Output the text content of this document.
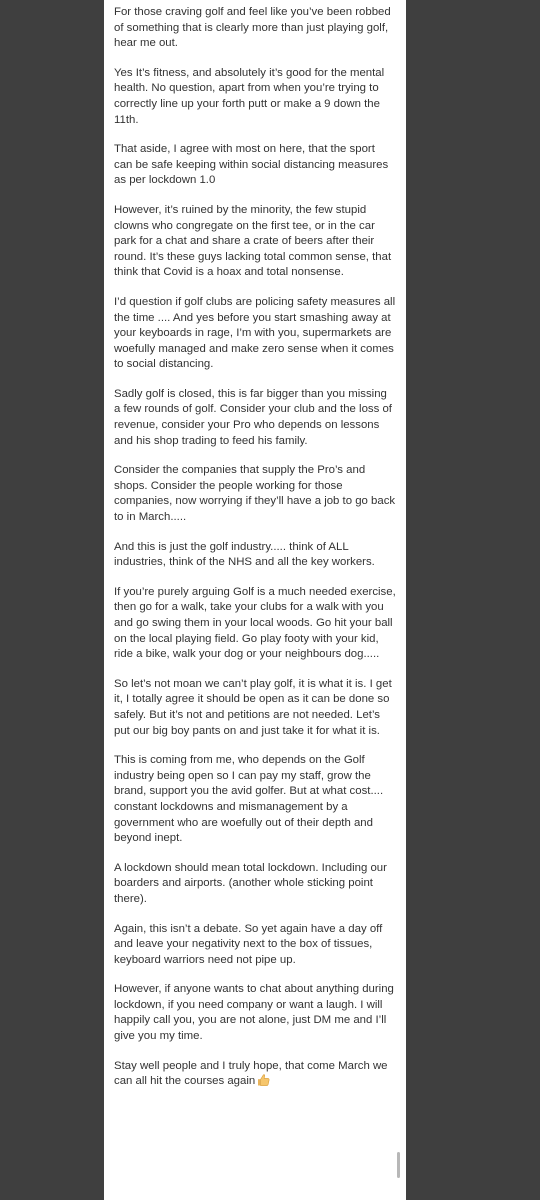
For those craving golf and feel like you’ve been robbed of something that is clearly more than just playing golf, hear me out.

Yes It’s fitness, and absolutely it’s good for the mental health. No question, apart from when you’re trying to correctly line up your forth putt or make a 9 down the 11th.

That aside, I agree with most on here, that the sport can be safe keeping within social distancing measures as per lockdown 1.0

However, it’s ruined by the minority, the few stupid clowns who congregate on the first tee, or in the car park for a chat and share a crate of beers after their round. It’s these guys lacking total common sense, that think that Covid is a hoax and total nonsense.

I’d question if golf clubs are policing safety measures all the time .... And yes before you start smashing away at your keyboards in rage, I’m with you, supermarkets are woefully managed and make zero sense when it comes to social distancing.

Sadly golf is closed, this is far bigger than you missing a few rounds of golf. Consider your club and the loss of revenue, consider your Pro who depends on lessons and his shop trading to feed his family.

Consider the companies that supply the Pro’s and shops. Consider the people working for those companies, now worrying if they’ll have a job to go back to in March.....

And this is just the golf industry..... think of ALL industries, think of the NHS and all the key workers.

If you’re purely arguing Golf is a much needed exercise, then go for a walk, take your clubs for a walk with you and go swing them in your local woods. Go hit your ball on the local playing field. Go play footy with your kid, ride a bike, walk your dog or your neighbours dog.....

So let’s not moan we can’t play golf, it is what it is. I get it, I totally agree it should be open as it can be done so safely. But it’s not and petitions are not needed. Let’s put our big boy pants on and just take it for what it is.

This is coming from me, who depends on the Golf industry being open so I can pay my staff, grow the brand, support you the avid golfer. But at what cost.... constant lockdowns and mismanagement by a government who are woefully out of their depth and beyond inept.

A lockdown should mean total lockdown. Including our boarders and airports. (another whole sticking point there).

Again, this isn’t a debate. So yet again have a day off and leave your negativity next to the box of tissues, keyboard warriors need not pipe up.

However, if anyone wants to chat about anything during lockdown, if you need company or want a laugh. I will happily call you, you are not alone, just DM me and I’ll give you my time.

Stay well people and I truly hope, that come March we can all hit the courses again
